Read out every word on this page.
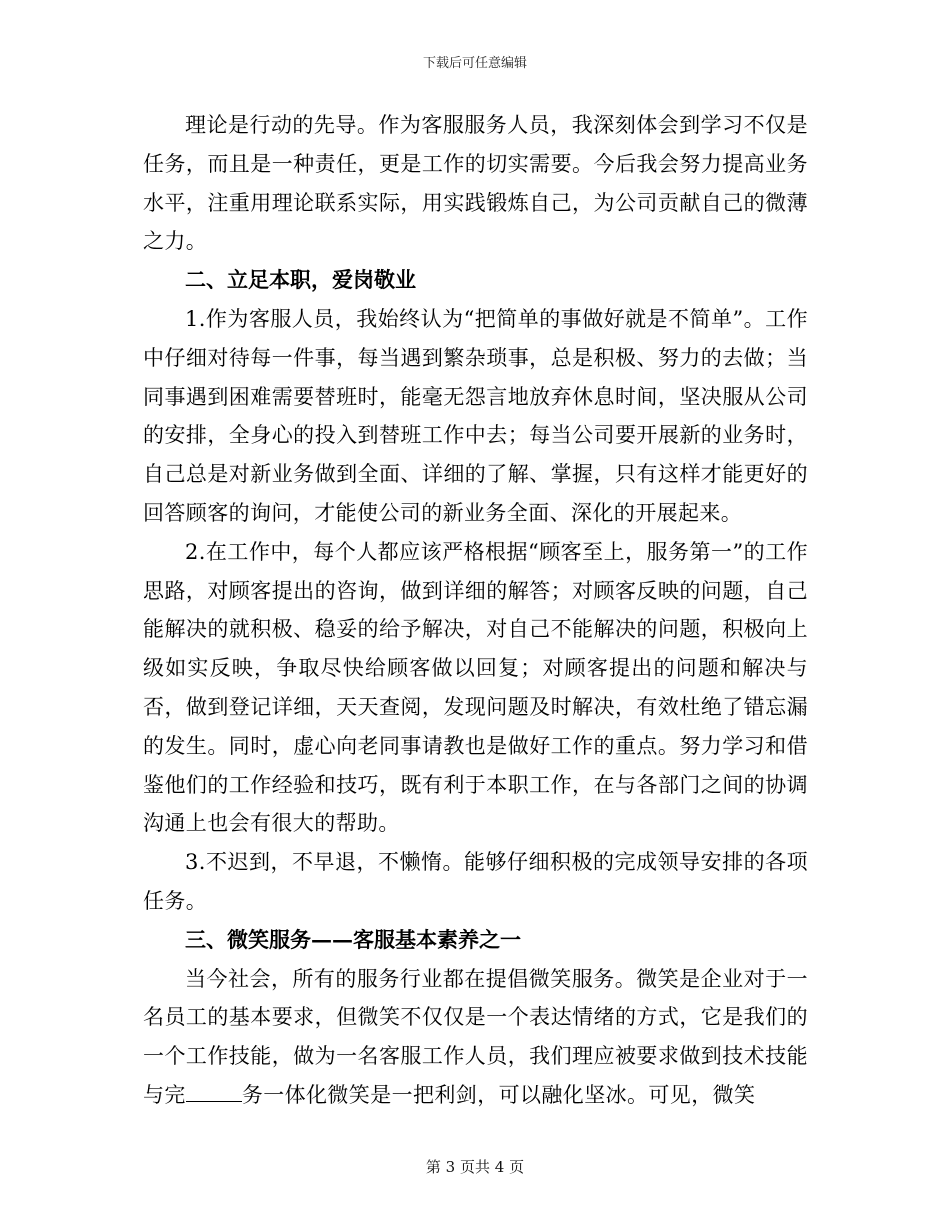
下载后可任意编辑

理论是行动的先导。作为客服服务人员，我深刻体会到学习不仅是任务，而且是一种责任，更是工作的切实需要。今后我会努力提高业务水平，注重用理论联系实际，用实践锻炼自己，为公司贡献自己的微薄之力。

二、立足本职，爱岗敬业

1.作为客服人员，我始终认为“把简单的事做好就是不简单”。工作中仔细对待每一件事，每当遇到繁杂琐事，总是积极、努力的去做；当同事遇到困难需要替班时，能毫无怨言地放弃休息时间，坚决服从公司的安排，全身心的投入到替班工作中去；每当公司要开展新的业务时，自己总是对新业务做到全面、详细的了解、掌握，只有这样才能更好的回答顾客的询问，才能使公司的新业务全面、深化的开展起来。

2.在工作中，每个人都应该严格根据“顾客至上，服务第一”的工作思路，对顾客提出的咨询，做到详细的解答；对顾客反映的问题，自己能解决的就积极、稳妥的给予解决，对自己不能解决的问题，积极向上级如实反映，争取尽快给顾客做以回复；对顾客提出的问题和解决与否，做到登记详细，天天查阅，发现问题及时解决，有效杜绝了错忘漏的发生。同时，虚心向老同事请教也是做好工作的重点。努力学习和借鉴他们的工作经验和技巧，既有利于本职工作，在与各部门之间的协调沟通上也会有很大的帮助。

3.不迟到，不早退，不懒惰。能够仔细积极的完成领导安排的各项任务。

三、微笑服务——客服基本素养之一

当今社会，所有的服务行业都在提倡微笑服务。微笑是企业对于一名员工的基本要求，但微笑不仅仅是一个表达情绪的方式，它是我们的一个工作技能，做为一名客服工作人员，我们理应被要求做到技术技能与完	务一体化微笑是一把利剑，可以融化坚冰。可见，微笑

第 3 页共 4 页
